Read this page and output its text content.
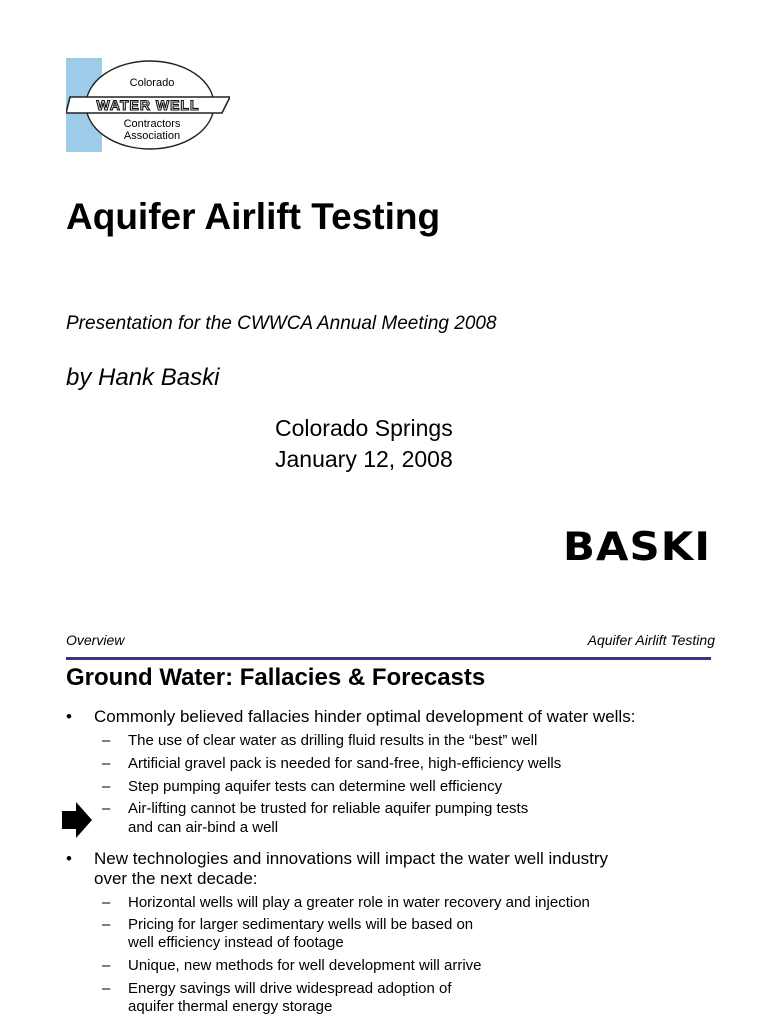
Colorado
WATER WELL
Contractors
Association
Aquifer Airlift Testing
Presentation for the CWWCA Annual Meeting 2008
by Hank Baski
Colorado Springs
January 12, 2008
BASKI
Overview	Aquifer Airlift Testing
Ground Water: Fallacies & Forecasts
• Commonly believed fallacies hinder optimal development of water wells:
– The use of clear water as drilling fluid results in the “best” well
– Artificial gravel pack is needed for sand-free, high-efficiency wells
– Step pumping aquifer tests can determine well efficiency
– Air-lifting cannot be trusted for reliable aquifer pumping tests
and can air-bind a well
• New technologies and innovations will impact the water well industry
over the next decade:
– Horizontal wells will play a greater role in water recovery and injection
– Pricing for larger sedimentary wells will be based on
well efficiency instead of footage
– Unique, new methods for well development will arrive
– Energy savings will drive widespread adoption of
aquifer thermal energy storage
